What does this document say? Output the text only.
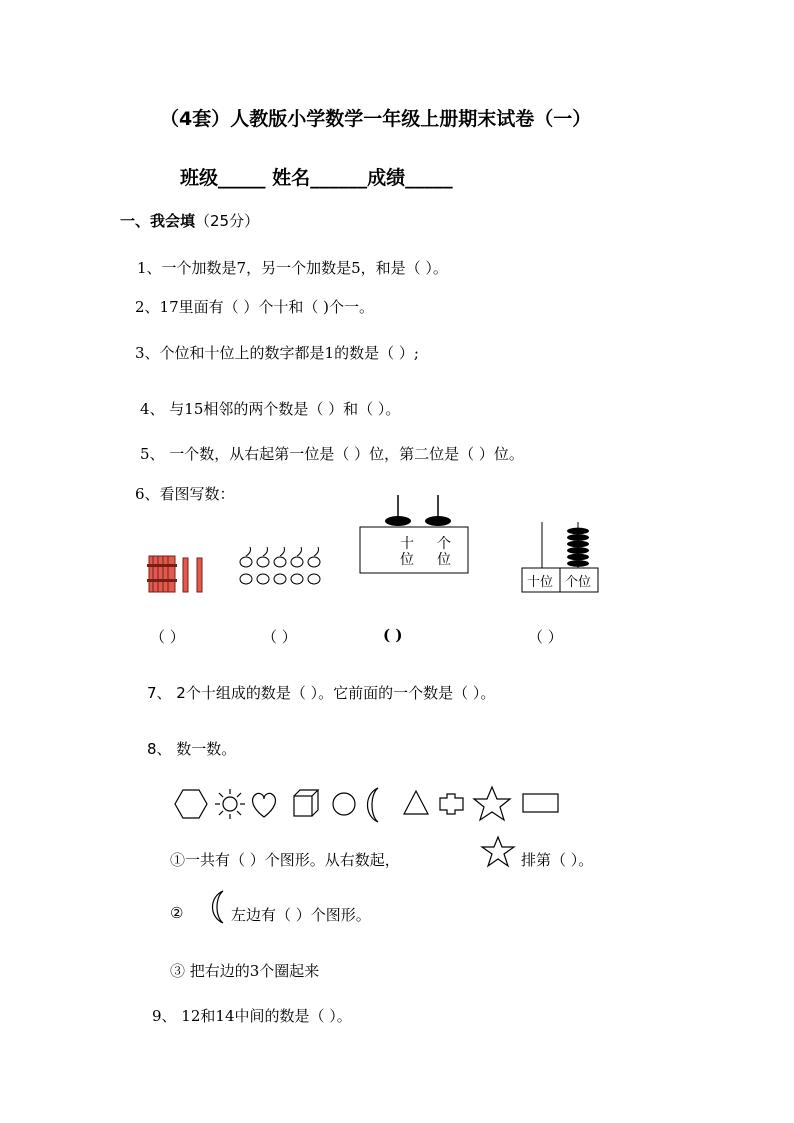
（4套）人教版小学数学一年级上册期末试卷（一）
班级_____ 姓名______成绩_____
一、我会填（25分）
1、一个加数是7，另一个加数是5，和是（ ）。
2、17里面有（ ）个十和（ )个一。
3、个位和十位上的数字都是1的数是（ ）;
4、 与15相邻的两个数是（ ）和（ ）。
5、 一个数，从右起第一位是（ ）位，第二位是（ ）位。
6、看图写数：
十 个
位 位
十位 个位
（ ）	（ ）	( )	（ ）
7、 2个十组成的数是（ ）。它前面的一个数是（ ）。
8、 数一数。
①一共有（ ）个图形。从右数起，	排第（ ）。
②	左边有（ ）个图形。
③ 把右边的3个圈起来
9、 12和14中间的数是（ ）。
